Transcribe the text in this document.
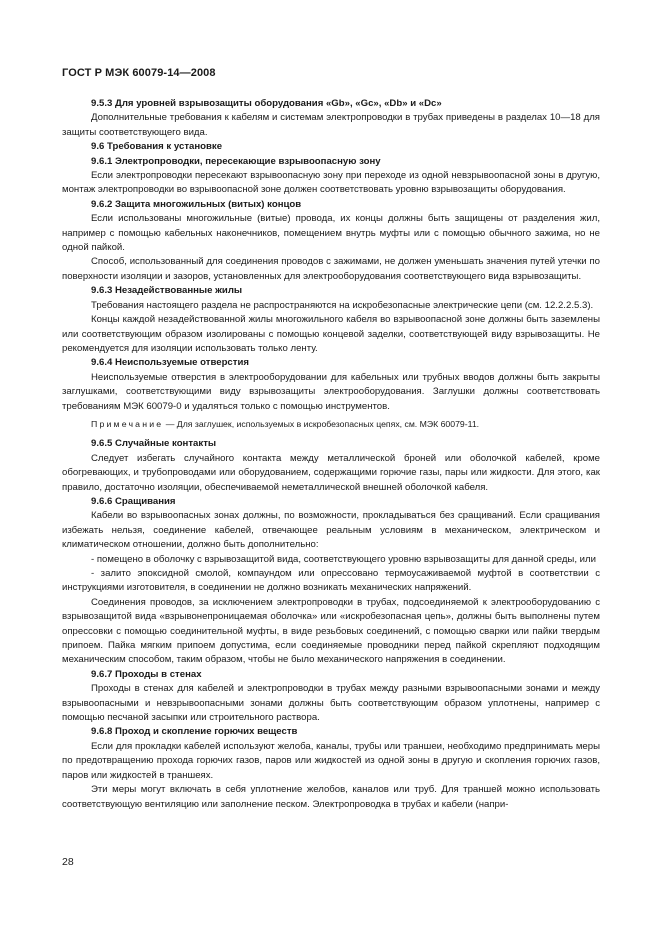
ГОСТ Р МЭК 60079-14—2008

9.5.3 Для уровней взрывозащиты оборудования «Gb», «Gc», «Db» и «Dc»

Дополнительные требования к кабелям и системам электропроводки в трубах приведены в разделах 10—18 для защиты соответствующего вида.

9.6 Требования к установке

9.6.1 Электропроводки, пересекающие взрывоопасную зону

Если электропроводки пересекают взрывоопасную зону при переходе из одной невзрывоопасной зоны в другую, монтаж электропроводки во взрывоопасной зоне должен соответствовать уровню взрывозащиты оборудования.

9.6.2 Защита многожильных (витых) концов

Если использованы многожильные (витые) провода, их концы должны быть защищены от разделения жил, например с помощью кабельных наконечников, помещением внутрь муфты или с помощью обычного зажима, но не одной пайкой.

Способ, использованный для соединения проводов с зажимами, не должен уменьшать значения путей утечки по поверхности изоляции и зазоров, установленных для электрооборудования соответствующего вида взрывозащиты.

9.6.3 Незадействованные жилы

Требования настоящего раздела не распространяются на искробезопасные электрические цепи (см. 12.2.2.5.3).

Концы каждой незадействованной жилы многожильного кабеля во взрывоопасной зоне должны быть заземлены или соответствующим образом изолированы с помощью концевой заделки, соответствующей виду взрывозащиты. Не рекомендуется для изоляции использовать только ленту.

9.6.4 Неиспользуемые отверстия

Неиспользуемые отверстия в электрооборудовании для кабельных или трубных вводов должны быть закрыты заглушками, соответствующими виду взрывозащиты электрооборудования. Заглушки должны соответствовать требованиям МЭК 60079-0 и удаляться только с помощью инструментов.

Примечание — Для заглушек, используемых в искробезопасных цепях, см. МЭК 60079-11.

9.6.5 Случайные контакты

Следует избегать случайного контакта между металлической броней или оболочкой кабелей, кроме обогревающих, и трубопроводами или оборудованием, содержащими горючие газы, пары или жидкости. Для этого, как правило, достаточно изоляции, обеспечиваемой неметаллической внешней оболочкой кабеля.

9.6.6 Сращивания

Кабели во взрывоопасных зонах должны, по возможности, прокладываться без сращиваний. Если сращивания избежать нельзя, соединение кабелей, отвечающее реальным условиям в механическом, электрическом и климатическом отношении, должно быть дополнительно:

- помещено в оболочку с взрывозащитой вида, соответствующего уровню взрывозащиты для данной среды, или

- залито эпоксидной смолой, компаундом или опрессовано термоусаживаемой муфтой в соответствии с инструкциями изготовителя, в соединении не должно возникать механических напряжений.

Соединения проводов, за исключением электропроводки в трубах, подсоединяемой к электрооборудованию с взрывозащитой вида «взрывонепроницаемая оболочка» или «искробезопасная цепь», должны быть выполнены путем опрессовки с помощью соединительной муфты, в виде резьбовых соединений, с помощью сварки или пайки твердым припоем. Пайка мягким припоем допустима, если соединяемые проводники перед пайкой скрепляют подходящим механическим способом, таким образом, чтобы не было механического напряжения в соединении.

9.6.7 Проходы в стенах

Проходы в стенах для кабелей и электропроводки в трубах между разными взрывоопасными зонами и между взрывоопасными и невзрывоопасными зонами должны быть соответствующим образом уплотнены, например с помощью песчаной засыпки или строительного раствора.

9.6.8 Проход и скопление горючих веществ

Если для прокладки кабелей используют желоба, каналы, трубы или траншеи, необходимо предпринимать меры по предотвращению прохода горючих газов, паров или жидкостей из одной зоны в другую и скопления горючих газов, паров или жидкостей в траншеях.

Эти меры могут включать в себя уплотнение желобов, каналов или труб. Для траншей можно использовать соответствующую вентиляцию или заполнение песком. Электропроводка в трубах и кабели (напри-

28
